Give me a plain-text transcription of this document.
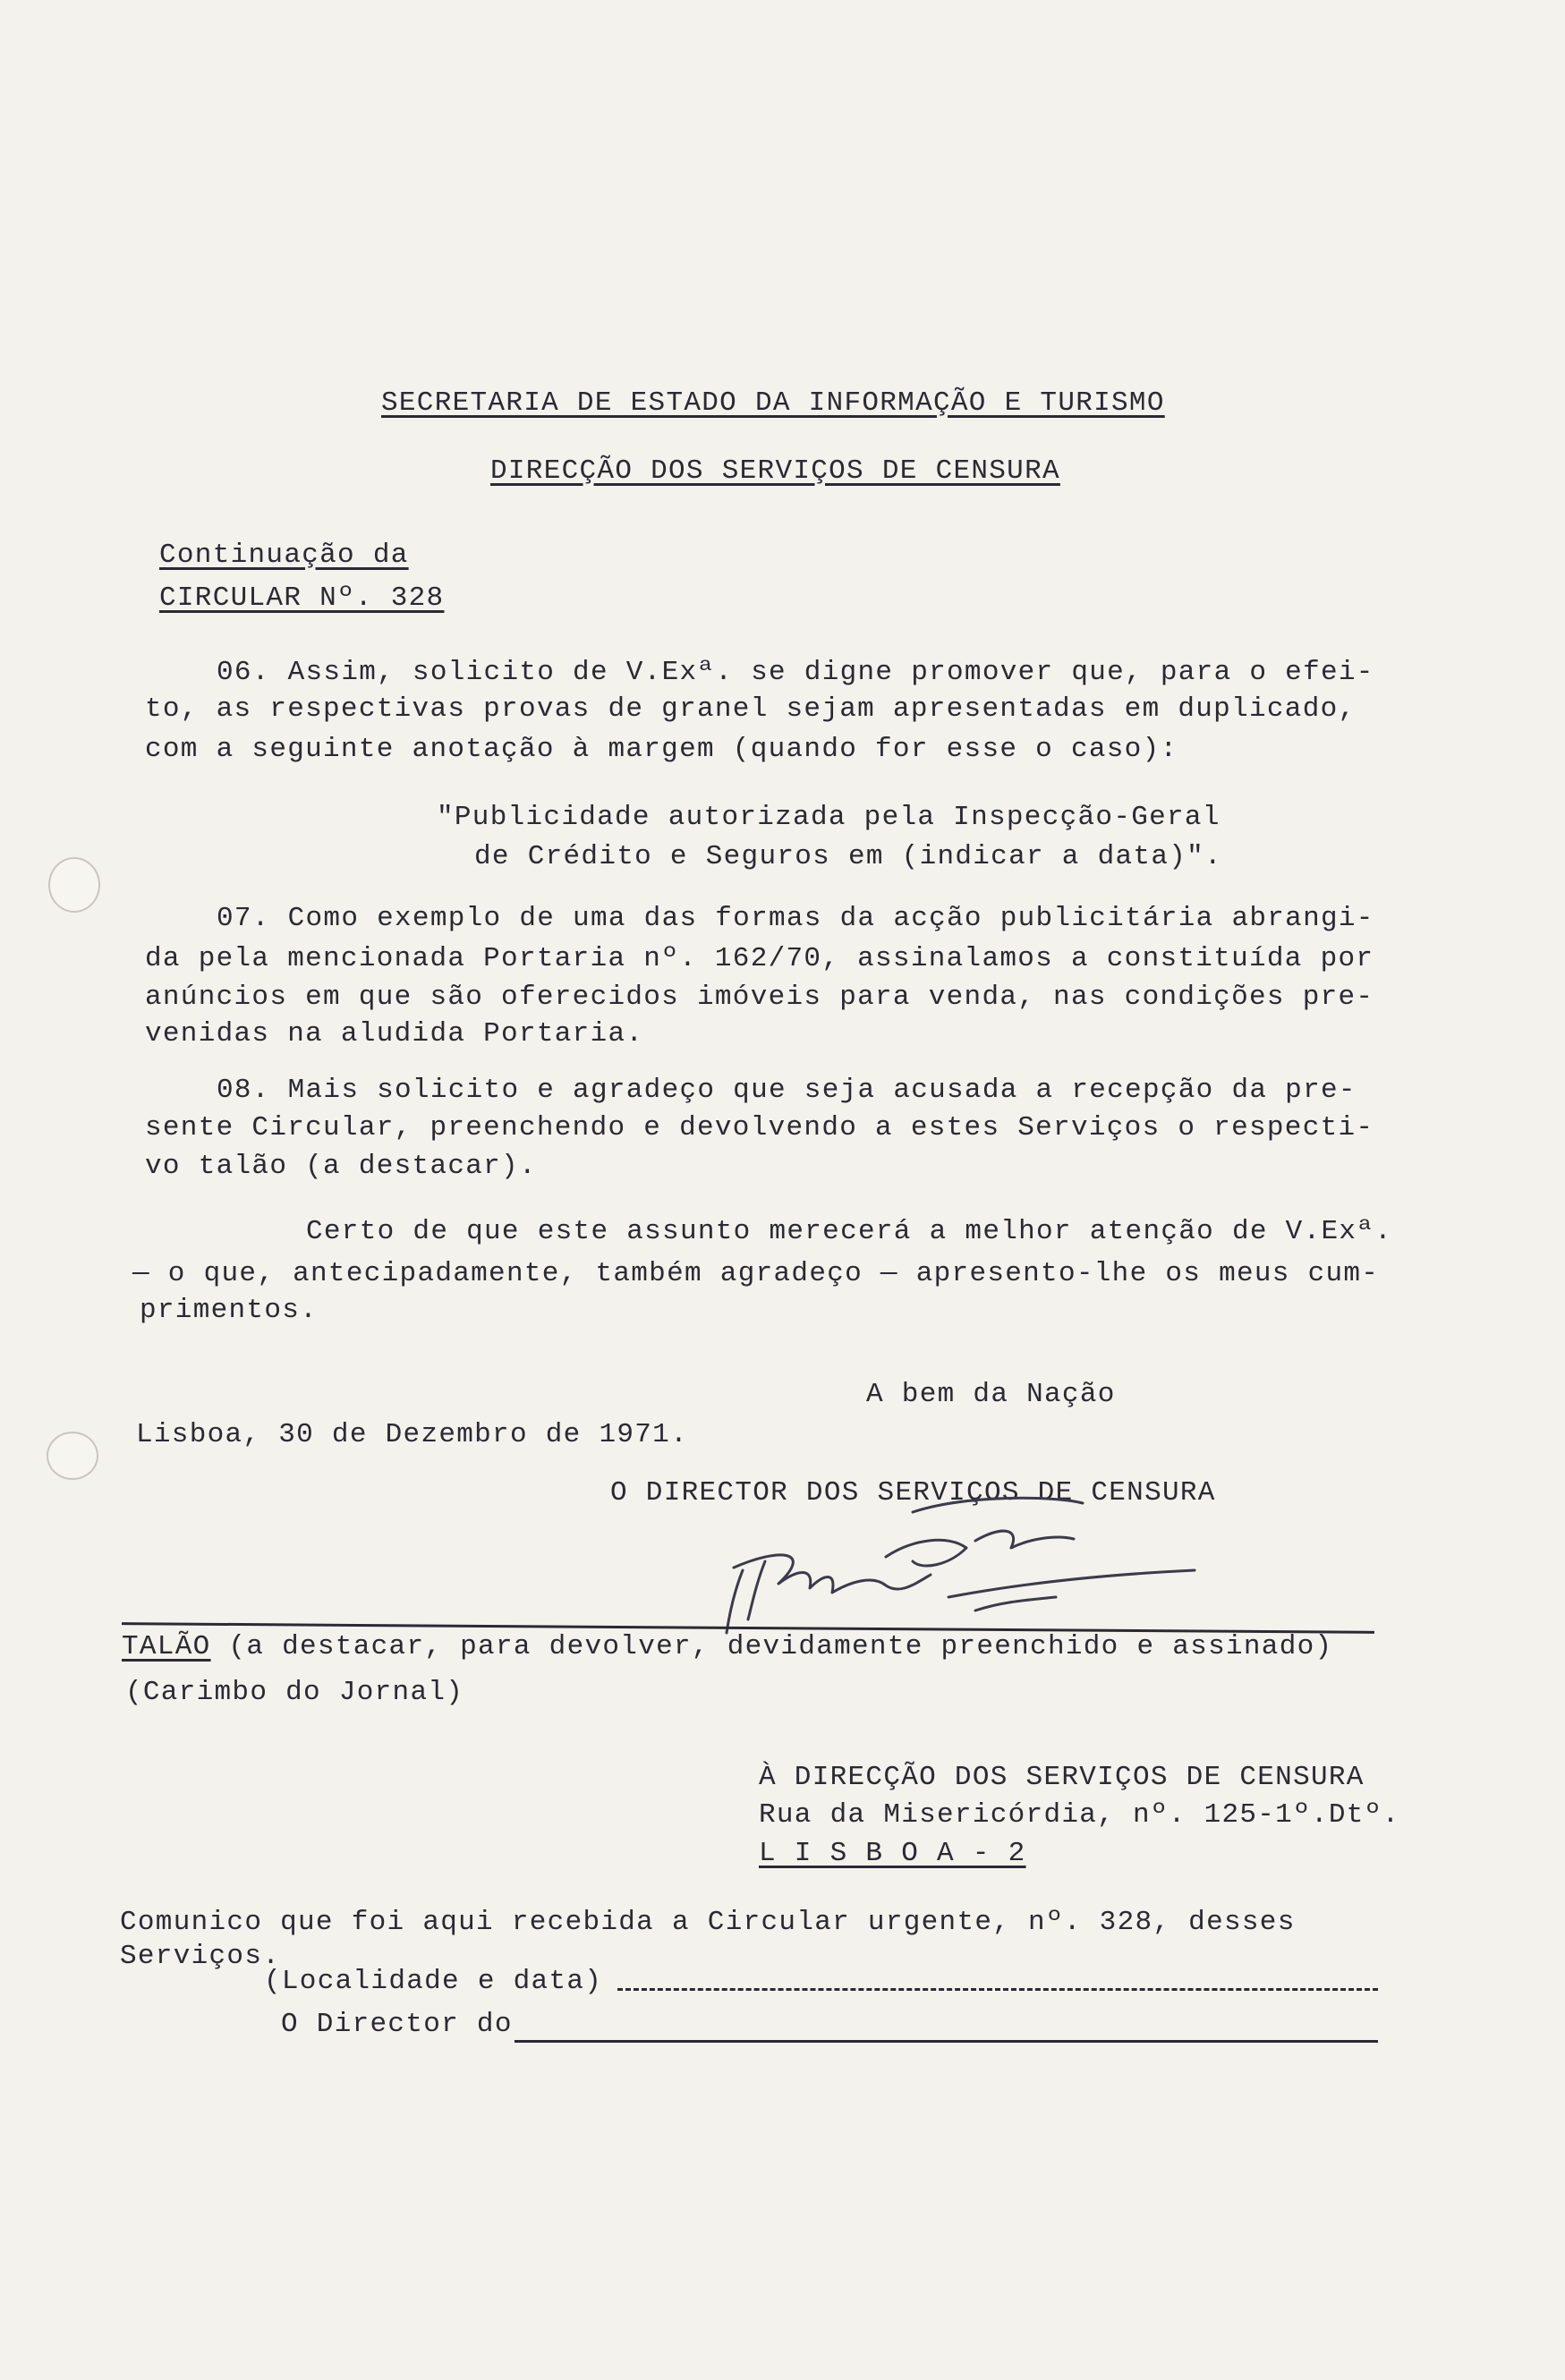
SECRETARIA DE ESTADO DA INFORMAÇÃO E TURISMO
DIRECÇÃO DOS SERVIÇOS DE CENSURA
Continuação da
CIRCULAR Nº. 328
06. Assim, solicito de V.Exª. se digne promover que, para o efei-
to, as respectivas provas de granel sejam apresentadas em duplicado,
com a seguinte anotação à margem (quando for esse o caso):
"Publicidade autorizada pela Inspecção-Geral
de Crédito e Seguros em (indicar a data)".
07. Como exemplo de uma das formas da acção publicitária abrangi-
da pela mencionada Portaria nº. 162/70, assinalamos a constituída por
anúncios em que são oferecidos imóveis para venda, nas condições pre-
venidas na aludida Portaria.
08. Mais solicito e agradeço que seja acusada a recepção da pre-
sente Circular, preenchendo e devolvendo a estes Serviços o respecti-
vo talão (a destacar).
Certo de que este assunto merecerá a melhor atenção de V.Exª.
— o que, antecipadamente, também agradeço — apresento-lhe os meus cum-
primentos.
A bem da Nação
Lisboa, 30 de Dezembro de 1971.
O DIRECTOR DOS SERVIÇOS DE CENSURA
TALÃO (a destacar, para devolver, devidamente preenchido e assinado)
(Carimbo do Jornal)
À DIRECÇÃO DOS SERVIÇOS DE CENSURA
Rua da Misericórdia, nº. 125-1º.Dtº.
L I S B O A - 2
Comunico que foi aqui recebida a Circular urgente, nº. 328, desses
Serviços.
(Localidade e data)
O Director do
